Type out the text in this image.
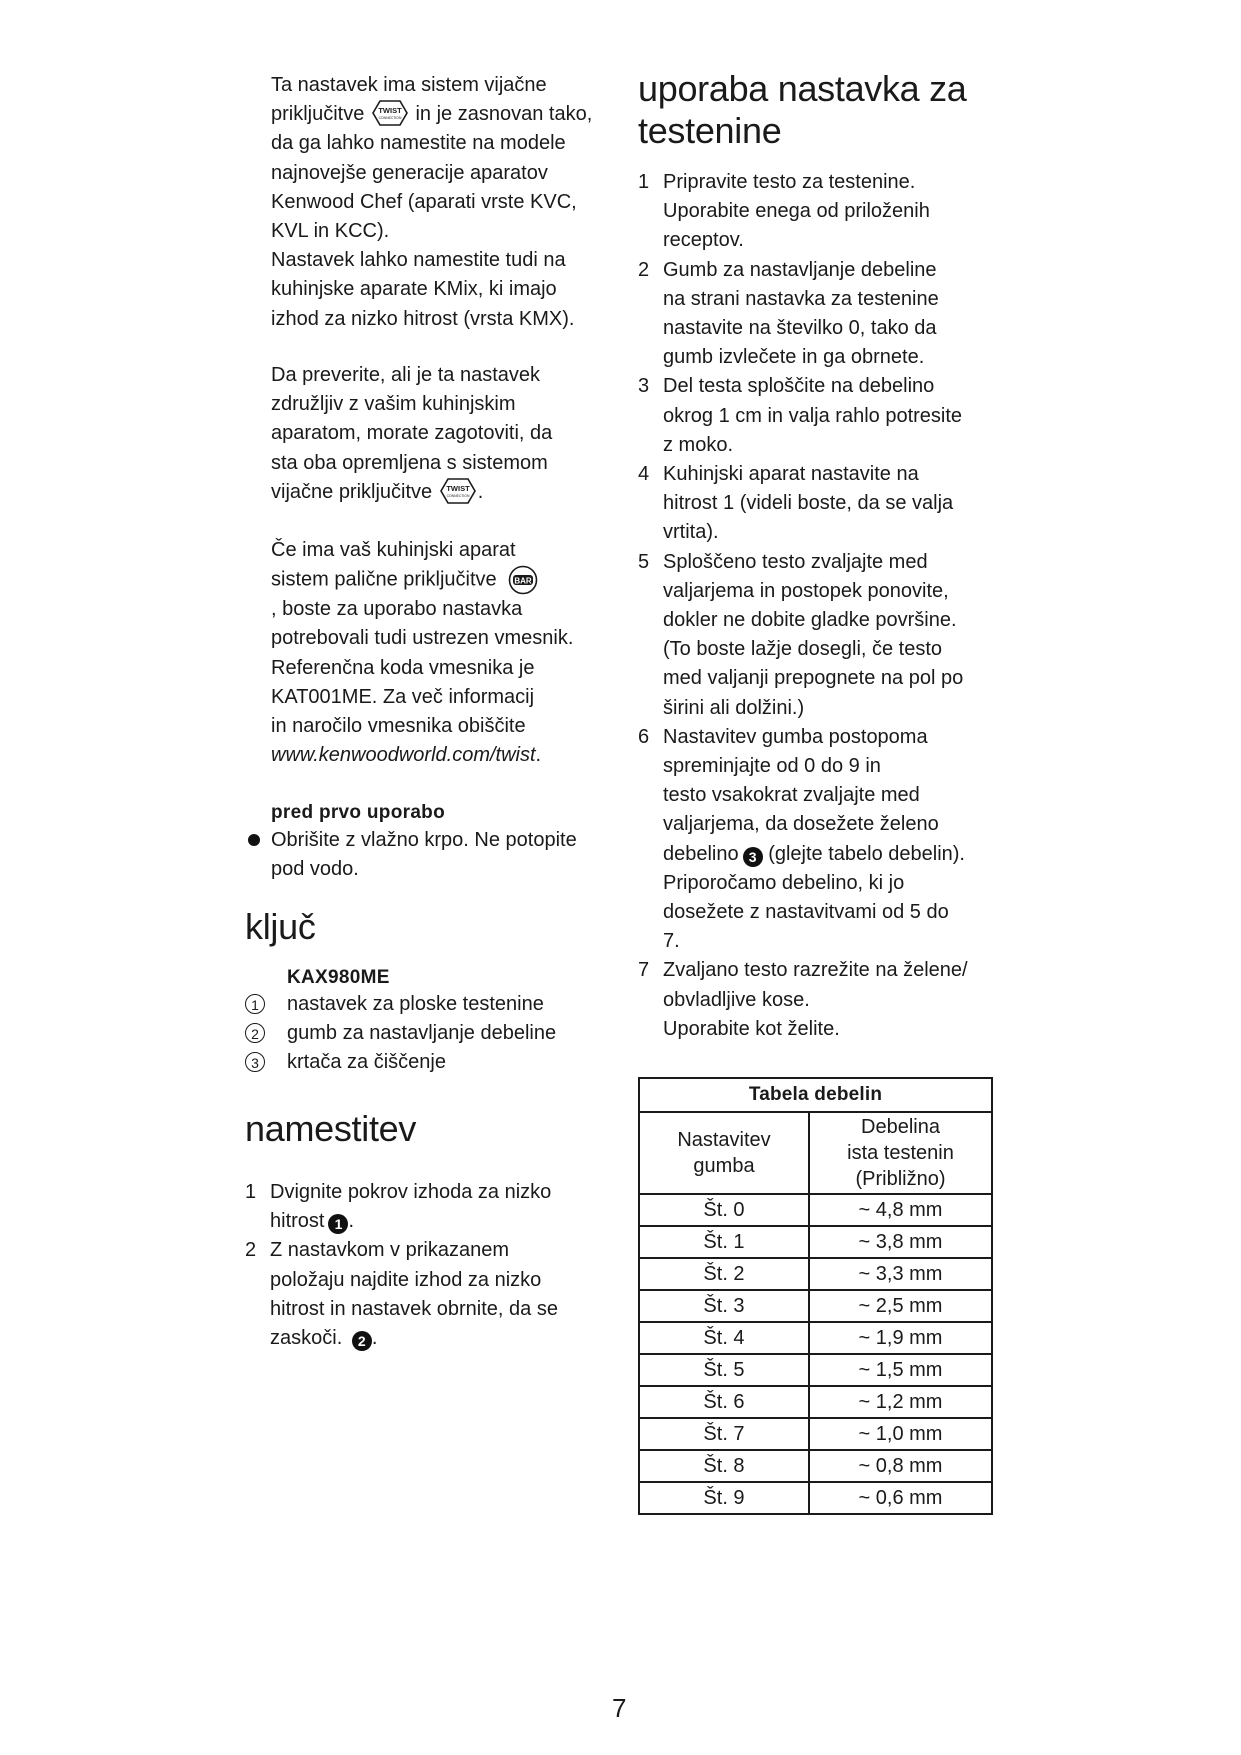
Ta nastavek ima sistem vijačne

priključitve TWIST
CONNECTION in je zasnovan tako,

da ga lahko namestite na modele

najnovejše generacije aparatov

Kenwood Chef (aparati vrste KVC,

KVL in KCC).

Nastavek lahko namestite tudi na

kuhinjske aparate KMix, ki imajo

izhod za nizko hitrost (vrsta KMX).

Da preverite, ali je ta nastavek

združljiv z vašim kuhinjskim

aparatom, morate zagotoviti, da

sta oba opremljena s sistemom

vijačne priključitve TWIST
CONNECTION .

Če ima vaš kuhinjski aparat

sistem palične priključitve BAR

, boste za uporabo nastavka

potrebovali tudi ustrezen vmesnik.

Referenčna koda vmesnika je

KAT001ME. Za več informacij

in naročilo vmesnika obiščite

www.kenwoodworld.com/twist.

pred prvo uporabo

Obrišite z vlažno krpo. Ne potopite

pod vodo.

ključ
KAX980ME
1	nastavek za ploske testenine

2	gumb za nastavljanje debeline

3	krtača za čiščenje

namestitev
1 Dvignite pokrov izhoda za nizko
hitrost 1 .
2 Z nastavkom v prikazanem
položaju najdite izhod za nizko
hitrost in nastavek obrnite, da se
zaskoči. 2 .
uporaba nastavka za
testenine
1 Pripravite testo za testenine.
Uporabite enega od priloženih
receptov.
2 Gumb za nastavljanje debeline
na strani nastavka za testenine
nastavite na številko 0, tako da
gumb izvlečete in ga obrnete.
3 Del testa sploščite na debelino
okrog 1 cm in valja rahlo potresite
z moko.
4 Kuhinjski aparat nastavite na
hitrost 1 (videli boste, da se valja
vrtita).
5 Sploščeno testo zvaljajte med
valjarjema in postopek ponovite,
dokler ne dobite gladke površine.
(To boste lažje dosegli, če testo
med valjanji prepognete na pol po
širini ali dolžini.)
6 Nastavitev gumba postopoma
spreminjajte od 0 do 9 in
testo vsakokrat zvaljajte med
valjarjema, da dosežete želeno
debelino 3 (glejte tabelo debelin).
Priporočamo debelino, ki jo
dosežete z nastavitvami od 5 do
7.
7 Zvaljano testo razrežite na želene/
obvladljive kose.
Uporabite kot želite.
Tabela debelin	

Nastavitev
gumba

Debelina
ista testenin
(Približno)

Št. 0	~ 4,8 mm
Št. 1	~ 3,8 mm
Št. 2	~ 3,3 mm
Št. 3	~ 2,5 mm
Št. 4	~ 1,9 mm
Št. 5	~ 1,5 mm
Št. 6	~ 1,2 mm
Št. 7	~ 1,0 mm
Št. 8	~ 0,8 mm
Št. 9	~ 0,6 mm
7
